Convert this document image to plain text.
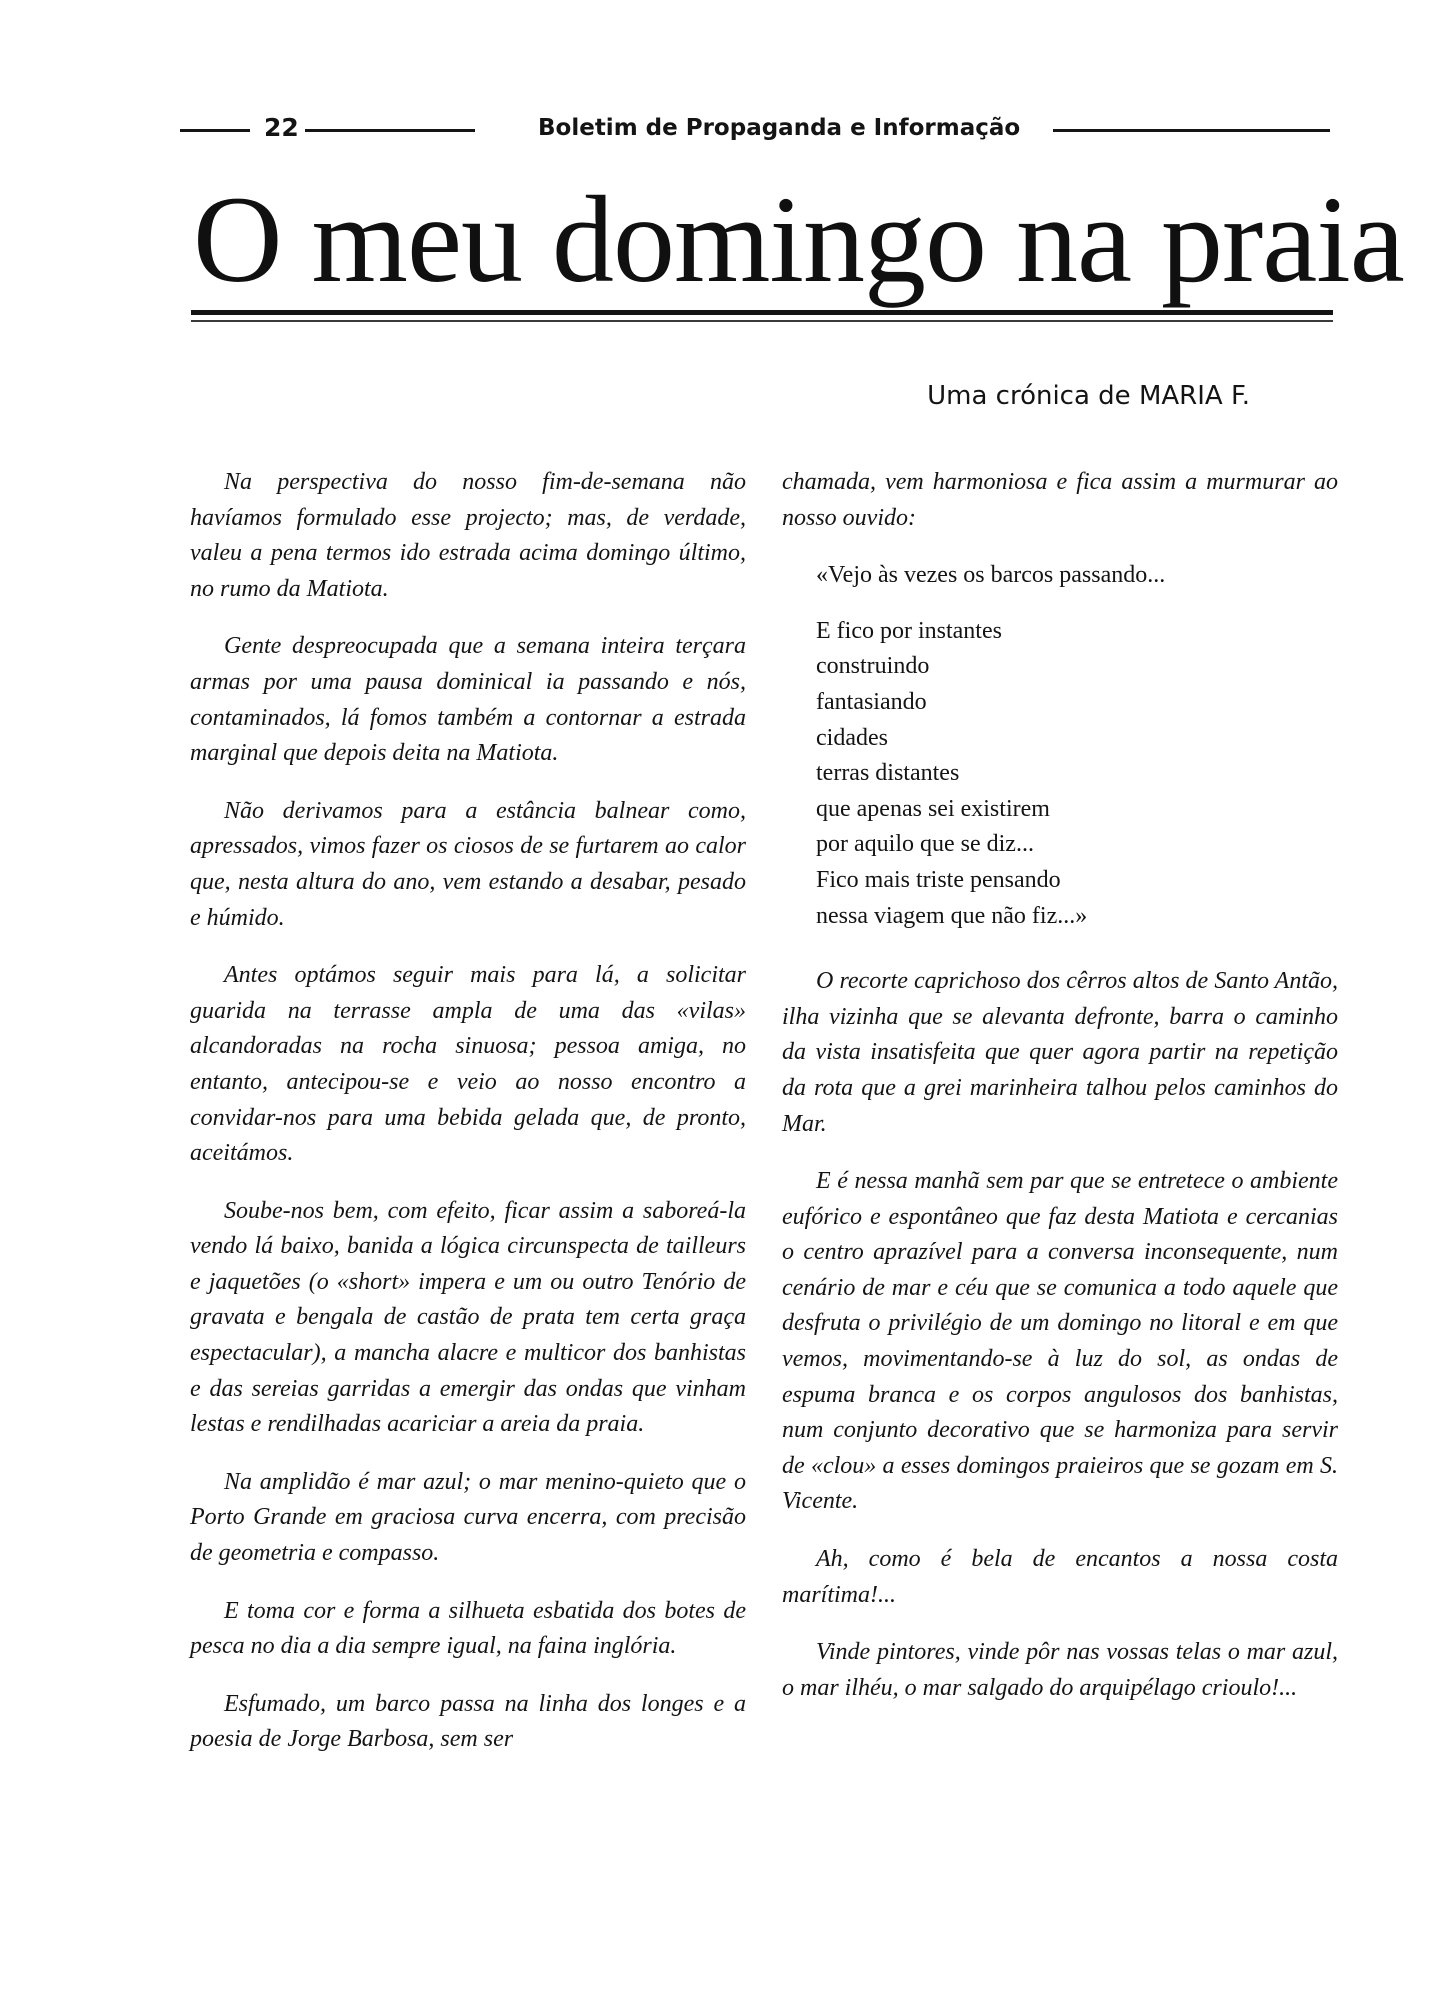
22	Boletim de Propaganda e Informação
O meu domingo na praia
Uma crónica de MARIA F.

Na perspectiva do nosso fim-de-semana não havíamos formulado esse projecto; mas, de verdade, valeu a pena termos ido estrada acima domingo último, no rumo da Matiota.

Gente despreocupada que a semana inteira terçara armas por uma pausa dominical ia passando e nós, contaminados, lá fomos também a contornar a estrada marginal que depois deita na Matiota.

Não derivamos para a estância balnear como, apressados, vimos fazer os ciosos de se furtarem ao calor que, nesta altura do ano, vem estando a desabar, pesado e húmido.

Antes optámos seguir mais para lá, a solicitar guarida na terrasse ampla de uma das «vilas» alcandoradas na rocha sinuosa; pessoa amiga, no entanto, antecipou-se e veio ao nosso encontro a convidar-nos para uma bebida gelada que, de pronto, aceitámos.

Soube-nos bem, com efeito, ficar assim a saboreá-la vendo lá baixo, banida a lógica circunspecta de tailleurs e jaquetões (o «short» impera e um ou outro Tenório de gravata e bengala de castão de prata tem certa graça espectacular), a mancha alacre e multicor dos banhistas e das sereias garridas a emergir das ondas que vinham lestas e rendilhadas acariciar a areia da praia.

Na amplidão é mar azul; o mar menino-quieto que o Porto Grande em graciosa curva encerra, com precisão de geometria e compasso.

E toma cor e forma a silhueta esbatida dos botes de pesca no dia a dia sempre igual, na faina inglória.

Esfumado, um barco passa na linha dos longes e a poesia de Jorge Barbosa, sem ser

chamada, vem harmoniosa e fica assim a murmurar ao nosso ouvido:

«Vejo às vezes os barcos passando...
E fico por instantes
construindo
fantasiando
cidades
terras distantes
que apenas sei existirem
por aquilo que se diz...
Fico mais triste pensando
nessa viagem que não fiz...»

O recorte caprichoso dos cêrros altos de Santo Antão, ilha vizinha que se alevanta defronte, barra o caminho da vista insatisfeita que quer agora partir na repetição da rota que a grei marinheira talhou pelos caminhos do Mar.

E é nessa manhã sem par que se entretece o ambiente eufórico e espontâneo que faz desta Matiota e cercanias o centro aprazível para a conversa inconsequente, num cenário de mar e céu que se comunica a todo aquele que desfruta o privilégio de um domingo no litoral e em que vemos, movimentando-se à luz do sol, as ondas de espuma branca e os corpos angulosos dos banhistas, num conjunto decorativo que se harmoniza para servir de «clou» a esses domingos praieiros que se gozam em S. Vicente.

Ah, como é bela de encantos a nossa costa marítima!...

Vinde pintores, vinde pôr nas vossas telas o mar azul, o mar ilhéu, o mar salgado do arquipélago crioulo!...
